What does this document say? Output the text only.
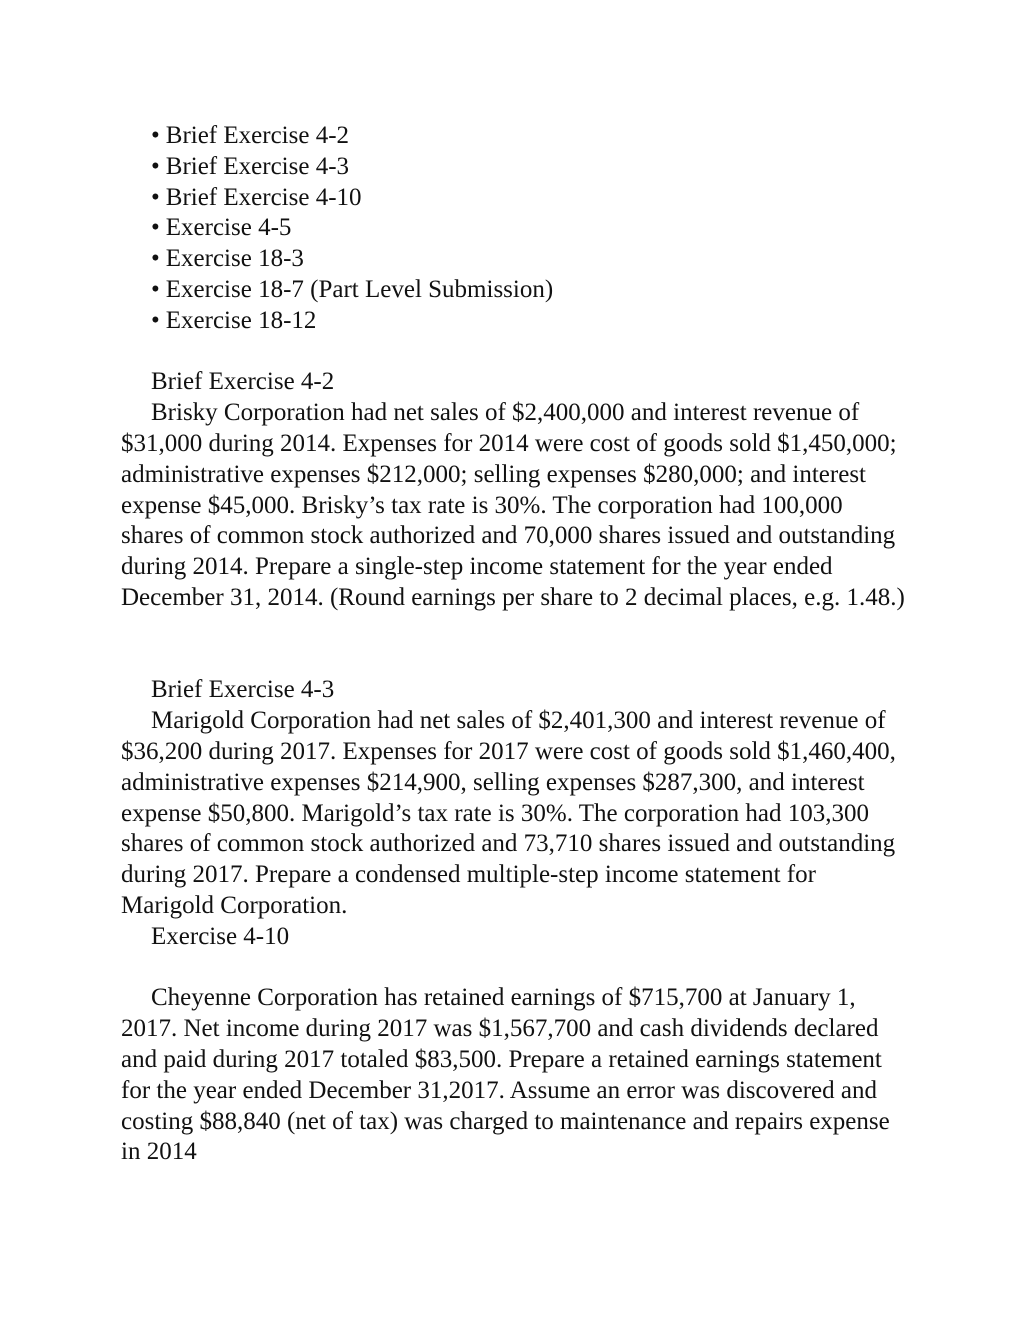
• Brief Exercise 4-2
• Brief Exercise 4-3
• Brief Exercise 4-10
• Exercise 4-5
• Exercise 18-3
• Exercise 18-7 (Part Level Submission)
• Exercise 18-12
Brief Exercise 4-2

Brisky Corporation had net sales of $2,400,000 and interest revenue of $31,000 during 2014. Expenses for 2014 were cost of goods sold $1,450,000; administrative expenses $212,000; selling expenses $280,000; and interest expense $45,000. Brisky’s tax rate is 30%. The corporation had 100,000 shares of common stock authorized and 70,000 shares issued and outstanding during 2014. Prepare a single-step income statement for the year ended December 31, 2014. (Round earnings per share to 2 decimal places, e.g. 1.48.)

Brief Exercise 4-3

Marigold Corporation had net sales of $2,401,300 and interest revenue of $36,200 during 2017. Expenses for 2017 were cost of goods sold $1,460,400, administrative expenses $214,900, selling expenses $287,300, and interest expense $50,800. Marigold’s tax rate is 30%. The corporation had 103,300 shares of common stock authorized and 73,710 shares issued and outstanding during 2017. Prepare a condensed multiple-step income statement for Marigold Corporation.

Exercise 4-10

Cheyenne Corporation has retained earnings of $715,700 at January 1, 2017. Net income during 2017 was $1,567,700 and cash dividends declared and paid during 2017 totaled $83,500. Prepare a retained earnings statement for the year ended December 31,2017. Assume an error was discovered and costing $88,840 (net of tax) was charged to maintenance and repairs expense in 2014
